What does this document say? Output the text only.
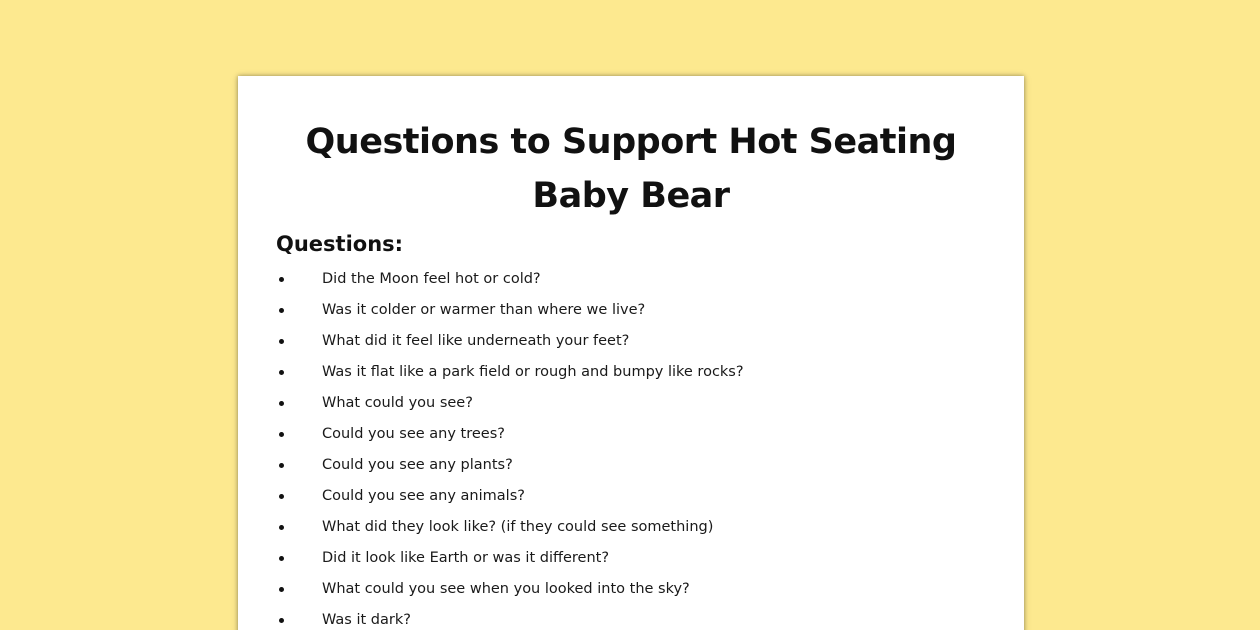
Questions to Support Hot Seating
Baby Bear
Questions:
Did the Moon feel hot or cold?
Was it colder or warmer than where we live?
What did it feel like underneath your feet?
Was it flat like a park field or rough and bumpy like rocks?
What could you see?
Could you see any trees?
Could you see any plants?
Could you see any animals?
What did they look like? (if they could see something)
Did it look like Earth or was it different?
What could you see when you looked into the sky?
Was it dark?
